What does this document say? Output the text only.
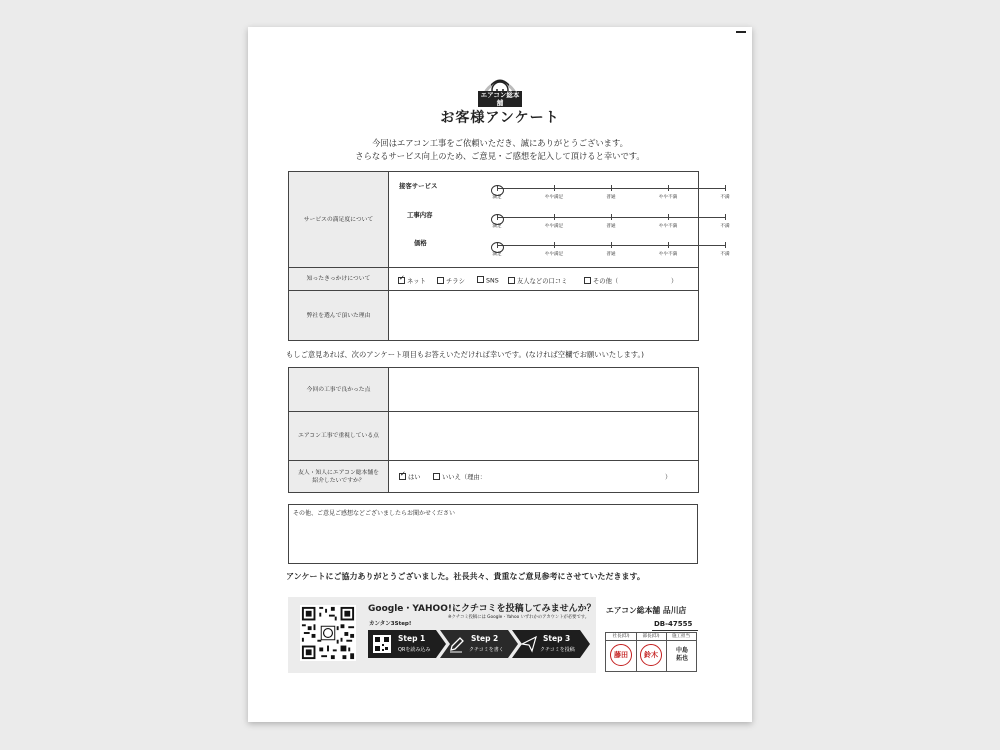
エアコン総本舗
お客様アンケート
今回はエアコン工事をご依頼いただき、誠にありがとうございます。
さらなるサービス向上のため、ご意見・ご感想を記入して頂けると幸いです。
サービスの満足度について
知ったきっかけについて
弊社を選んで頂いた理由
接客サービス
満足	やや満足	普通	やや不満	不満
工事内容
満足	やや満足	普通	やや不満	不満
価格
満足	やや満足	普通	やや不満	不満
✓ネット	チラシ	SNS	友人などの口コミ	その他（	）
もしご意見あれば、次のアンケート項目もお答えいただければ幸いです。(なければ空欄でお願いいたします。)
今回の工事で良かった点
エアコン工事で重視している点
友人・知人にエアコン総本舗を
紹介したいですか？
✓	はい	いいえ（理由：	）
その他、ご意見ご感想などございましたらお聞かせください
アンケートにご協力ありがとうございました。社長共々、貴重なご意見参考にさせていただきます。
Google・YAHOO!にクチコミを投稿してみませんか？
※クチコミ投稿には Google・Yahoo いずれかのアカウントが必要です。
カンタン3Step!
Step 1
QRを読み込み
Step 2
クチコミを書く
Step 3
クチコミを投稿
エアコン総本舗 品川店
DB-47555
社長(印)	部長(印)	施工担当
藤田	鈴木	中島
拓也
